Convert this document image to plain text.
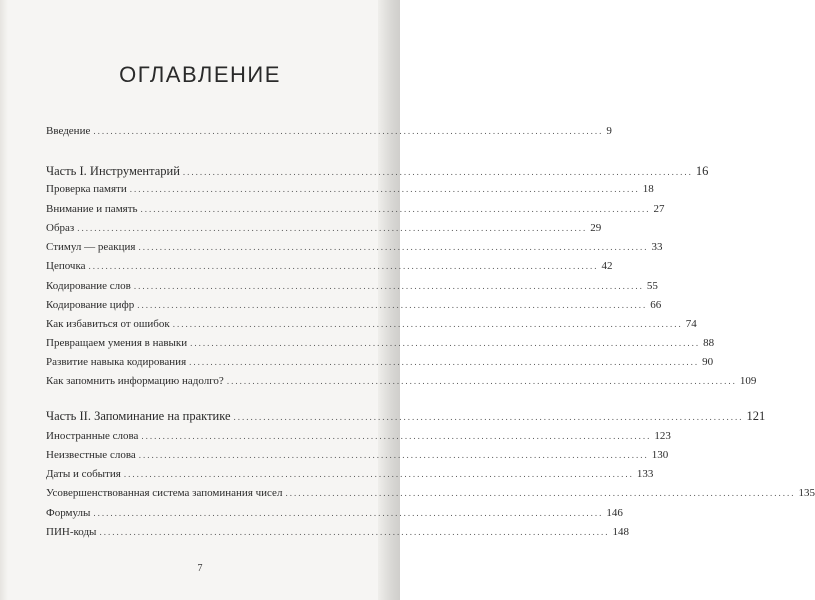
ОГЛАВЛЕНИЕ
Введение ........................................................................................................................ 9
Часть I. Инструментарий ........................................................................................................................ 16
Проверка памяти ........................................................................................................................ 18
Внимание и память ........................................................................................................................ 27
Образ ........................................................................................................................ 29
Стимул — реакция ........................................................................................................................ 33
Цепочка ........................................................................................................................ 42
Кодирование слов ........................................................................................................................ 55
Кодирование цифр ........................................................................................................................ 66
Как избавиться от ошибок ........................................................................................................................ 74
Превращаем умения в навыки ........................................................................................................................ 88
Развитие навыка кодирования ........................................................................................................................ 90
Как запомнить информацию надолго? ........................................................................................................................ 109
Часть II. Запоминание на практике ........................................................................................................................ 121
Иностранные слова ........................................................................................................................ 123
Неизвестные слова ........................................................................................................................ 130
Даты и события ........................................................................................................................ 133
Усовершенствованная система запоминания чисел ........................................................................................................................ 135
Формулы ........................................................................................................................ 146
ПИН-коды ........................................................................................................................ 148
7
